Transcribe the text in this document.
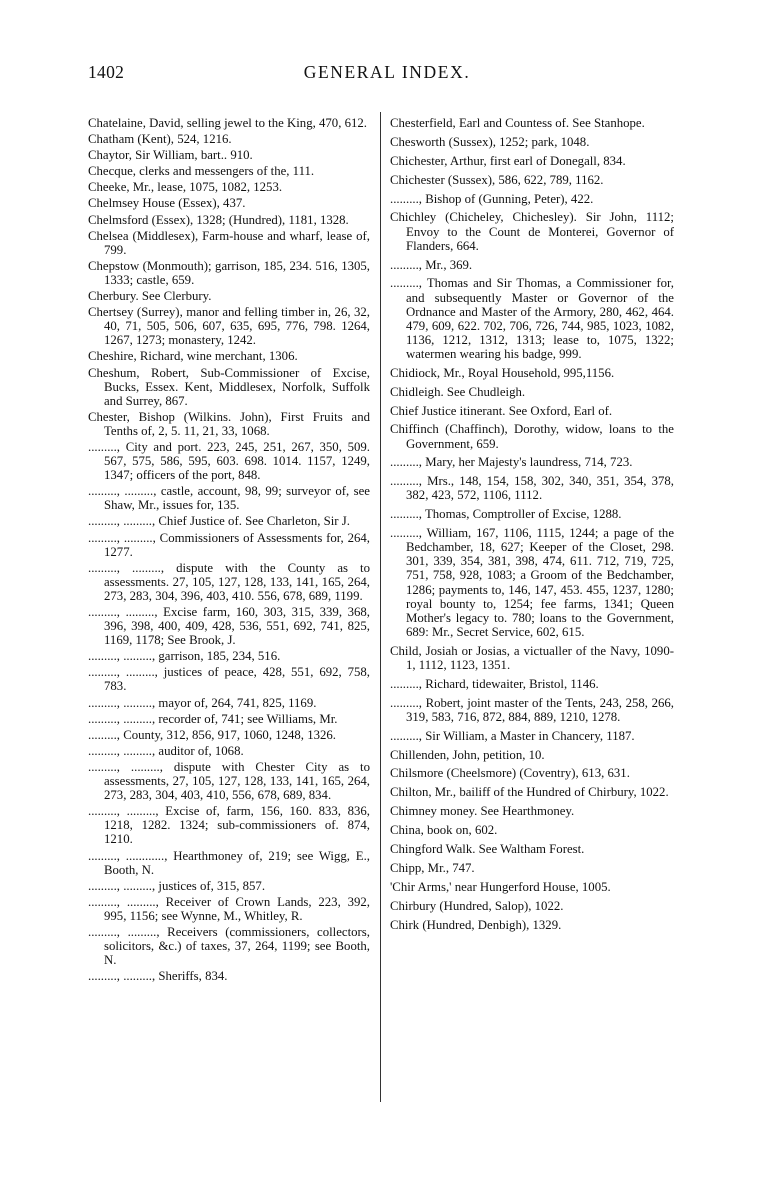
1402	GENERAL INDEX.

Chatelaine, David, selling jewel to the King, 470, 612.

Chatham (Kent), 524, 1216.

Chaytor, Sir William, bart.. 910.

Checque, clerks and messengers of the, 111.

Cheeke, Mr., lease, 1075, 1082, 1253.

Chelmsey House (Essex), 437.

Chelmsford (Essex), 1328; (Hundred), 1181, 1328.

Chelsea (Middlesex), Farm-house and wharf, lease of, 799.

Chepstow (Monmouth); garrison, 185, 234. 516, 1305, 1333; castle, 659.

Cherbury. See Clerbury.

Chertsey (Surrey), manor and felling timber in, 26, 32, 40, 71, 505, 506, 607, 635, 695, 776, 798. 1264, 1267, 1273; monastery, 1242.

Cheshire, Richard, wine merchant, 1306.

Cheshum, Robert, Sub-Commissioner of Excise, Bucks, Essex. Kent, Middlesex, Norfolk, Suffolk and Surrey, 867.

Chester, Bishop (Wilkins. John), First Fruits and Tenths of, 2, 5. 11, 21, 33, 1068.

........., City and port. 223, 245, 251, 267, 350, 509. 567, 575, 586, 595, 603. 698. 1014. 1157, 1249, 1347; officers of the port, 848.

........., ........., castle, account, 98, 99; surveyor of, see Shaw, Mr., issues for, 135.

........., ........., Chief Justice of. See Charleton, Sir J.

........., ........., Commissioners of Assessments for, 264, 1277.

........., ........., dispute with the County as to assessments. 27, 105, 127, 128, 133, 141, 165, 264, 273, 283, 304, 396, 403, 410. 556, 678, 689, 1199.

........., ........., Excise farm, 160, 303, 315, 339, 368, 396, 398, 400, 409, 428, 536, 551, 692, 741, 825, 1169, 1178; See Brook, J.

........., ........., garrison, 185, 234, 516.

........., ........., justices of peace, 428, 551, 692, 758, 783.

........., ........., mayor of, 264, 741, 825, 1169.

........., ........., recorder of, 741; see Williams, Mr.

........., County, 312, 856, 917, 1060, 1248, 1326.

........., ........., auditor of, 1068.

........., ........., dispute with Chester City as to assessments, 27, 105, 127, 128, 133, 141, 165, 264, 273, 283, 304, 403, 410, 556, 678, 689, 834.

........., ........., Excise of, farm, 156, 160. 833, 836, 1218, 1282. 1324; sub-commissioners of. 874, 1210.

........., ............, Hearthmoney of, 219; see Wigg, E., Booth, N.

........., ........., justices of, 315, 857.

........., ........., Receiver of Crown Lands, 223, 392, 995, 1156; see Wynne, M., Whitley, R.

........., ........., Receivers (commissioners, collectors, solicitors, &c.) of taxes, 37, 264, 1199; see Booth, N.

........., ........., Sheriffs, 834.

Chesterfield, Earl and Countess of. See Stanhope.

Chesworth (Sussex), 1252; park, 1048.

Chichester, Arthur, first earl of Donegall, 834.

Chichester (Sussex), 586, 622, 789, 1162.

........., Bishop of (Gunning, Peter), 422.

Chichley (Chicheley, Chichesley). Sir John, 1112; Envoy to the Count de Monterei, Governor of Flanders, 664.

........., Mr., 369.

........., Thomas and Sir Thomas, a Commissioner for, and subsequently Master or Governor of the Ordnance and Master of the Armory, 280, 462, 464. 479, 609, 622. 702, 706, 726, 744, 985, 1023, 1082, 1136, 1212, 1312, 1313; lease to, 1075, 1322; watermen wearing his badge, 999.

Chidiock, Mr., Royal Household, 995,1156.

Chidleigh. See Chudleigh.

Chief Justice itinerant. See Oxford, Earl of.

Chiffinch (Chaffinch), Dorothy, widow, loans to the Government, 659.

........., Mary, her Majesty's laundress, 714, 723.

........., Mrs., 148, 154, 158, 302, 340, 351, 354, 378, 382, 423, 572, 1106, 1112.

........., Thomas, Comptroller of Excise, 1288.

........., William, 167, 1106, 1115, 1244; a page of the Bedchamber, 18, 627; Keeper of the Closet, 298. 301, 339, 354, 381, 398, 474, 611. 712, 719, 725, 751, 758, 928, 1083; a Groom of the Bedchamber, 1286; payments to, 146, 147, 453. 455, 1237, 1280; royal bounty to, 1254; fee farms, 1341; Queen Mother's legacy to. 780; loans to the Government, 689: Mr., Secret Service, 602, 615.

Child, Josiah or Josias, a victualler of the Navy, 1090-1, 1112, 1123, 1351.

........., Richard, tidewaiter, Bristol, 1146.

........., Robert, joint master of the Tents, 243, 258, 266, 319, 583, 716, 872, 884, 889, 1210, 1278.

........., Sir William, a Master in Chancery, 1187.

Chillenden, John, petition, 10.

Chilsmore (Cheelsmore) (Coventry), 613, 631.

Chilton, Mr., bailiff of the Hundred of Chirbury, 1022.

Chimney money. See Hearthmoney.

China, book on, 602.

Chingford Walk. See Waltham Forest.

Chipp, Mr., 747.

'Chir Arms,' near Hungerford House, 1005.

Chirbury (Hundred, Salop), 1022.

Chirk (Hundred, Denbigh), 1329.
